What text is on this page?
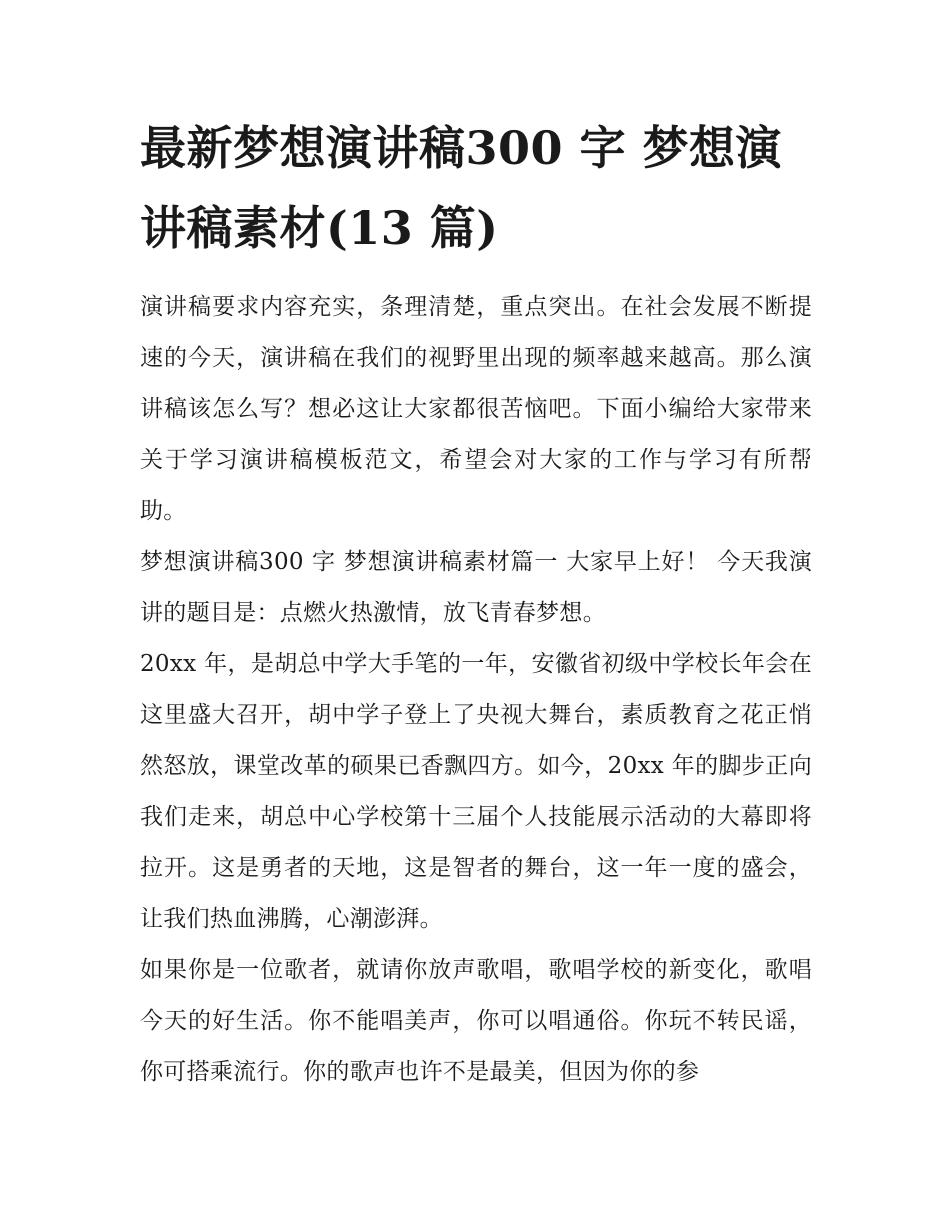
最新梦想演讲稿300 字 梦想演讲稿素材(13 篇)

演讲稿要求内容充实，条理清楚，重点突出。在社会发展不断提速的今天，演讲稿在我们的视野里出现的频率越来越高。那么演讲稿该怎么写？想必这让大家都很苦恼吧。下面小编给大家带来关于学习演讲稿模板范文，希望会对大家的工作与学习有所帮助。

梦想演讲稿300 字 梦想演讲稿素材篇一 大家早上好！ 今天我演讲的题目是：点燃火热激情，放飞青春梦想。

20xx 年，是胡总中学大手笔的一年，安徽省初级中学校长年会在这里盛大召开，胡中学子登上了央视大舞台，素质教育之花正悄然怒放，课堂改革的硕果已香飘四方。如今，20xx 年的脚步正向我们走来，胡总中心学校第十三届个人技能展示活动的大幕即将拉开。这是勇者的天地，这是智者的舞台，这一年一度的盛会，让我们热血沸腾，心潮澎湃。

如果你是一位歌者，就请你放声歌唱，歌唱学校的新变化，歌唱今天的好生活。你不能唱美声，你可以唱通俗。你玩不转民谣，你可搭乘流行。你的歌声也许不是最美，但因为你的参
